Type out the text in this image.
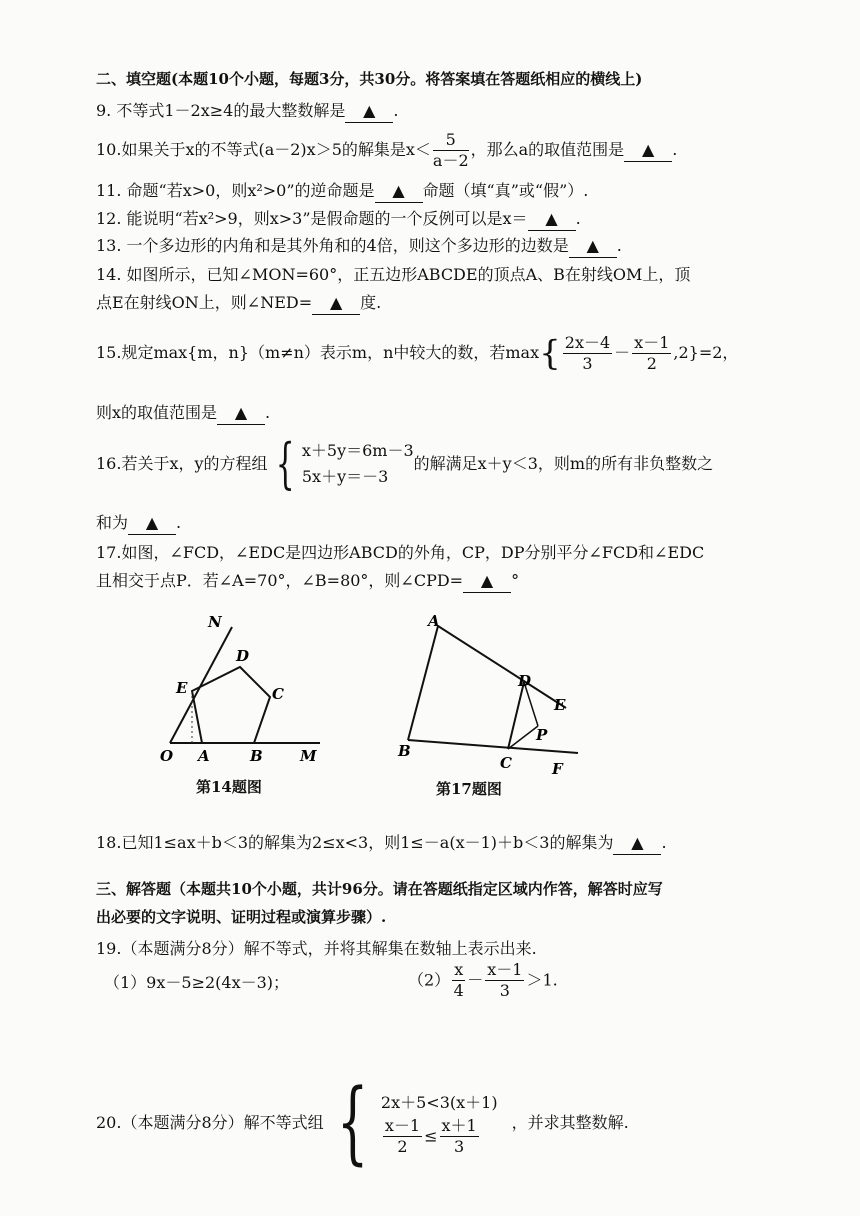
二、填空题(本题10个小题，每题3分，共30分。将答案填在答题纸相应的横线上)
9. 不等式1－2x≥4的最大整数解是 ▲ .
10.如果关于x的不等式(a－2)x＞5的解集是$x< \frac{5}{a-2}$ ，那么a的取值范围是 ▲ .
11. 命题“若x>0，则x²>0”的逆命题是 ▲ 命题（填“真”或“假”）.
12. 能说明“若x²>9，则x>3”是假命题的一个反例可以是x＝ ▲ .
13. 一个多边形的内角和是其外角和的4倍，则这个多边形的边数是 ▲ .
14. 如图所示，已知∠MON=60°，正五边形ABCDE的顶点A、B在射线OM上，顶
点E在射线ON上，则∠NED= ▲ 度.
15.规定max{m，n}（m≠n）表示m，n中较大的数，若$\max\{ \frac{2x-4}{3} - \frac{x-1}{2} ,2\}=2$，
则x的取值范围是 ▲ .
16.若关于x，y的方程组 { x＋5y＝6m－3
5x＋y＝－3
的解满足x＋y＜3，则m的所有非负整数之
和为 ▲ .
17.如图，∠FCD，∠EDC是四边形ABCD的外角，CP，DP分别平分∠FCD和∠EDC
且相交于点P．若∠A=70°，∠B=80°，则∠CPD= ▲ °
N
D
E	C
O A	B M
第14题图
A
D
E
P
B
C	F
第17题图
18.已知1≤ax＋b＜3的解集为2≤x<3，则1≤－a(x－1)＋b＜3的解集为 ▲ .
三、解答题（本题共10个小题，共计96分。请在答题纸指定区域内作答，解答时应写
出必要的文字说明、证明过程或演算步骤）.
19.（本题满分8分）解不等式，并将其解集在数轴上表示出来.
（1）9x－5≥2(4x－3)；	$(2) \frac{x}{4} - \frac{x-1}{3} >1$.
20.（本题满分8分）解不等式组 { 2x＋5<3(x＋1)
$\frac{x-1}{2} \le \frac{x+1}{3}$ ，并求其整数解.
